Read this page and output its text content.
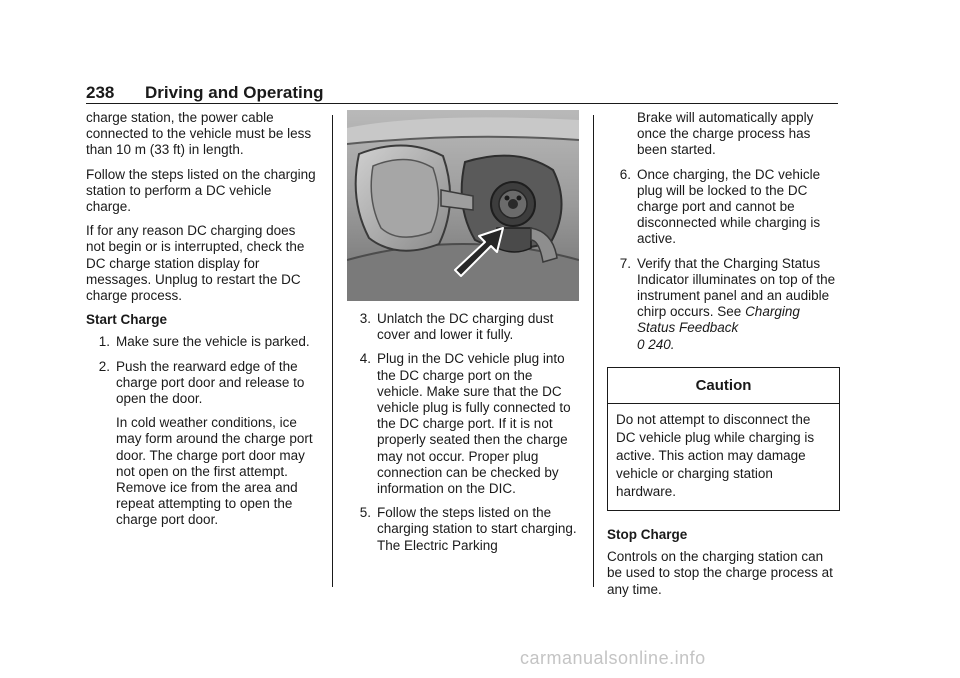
238 Driving and Operating

charge station, the power cable connected to the vehicle must be less than 10 m (33 ft) in length.

Follow the steps listed on the charging station to perform a DC vehicle charge.

If for any reason DC charging does not begin or is interrupted, check the DC charge station display for messages. Unplug to restart the DC charge process.

Start Charge
1. Make sure the vehicle is parked.
2. Push the rearward edge of the charge port door and release to open the door.

In cold weather conditions, ice may form around the charge port door. The charge port door may not open on the first attempt. Remove ice from the area and repeat attempting to open the charge port door.

3. Unlatch the DC charging dust cover and lower it fully.
4. Plug in the DC vehicle plug into the DC charge port on the vehicle. Make sure that the DC vehicle plug is fully connected to the DC charge port. If it is not properly seated then the charge may not occur. Proper plug connection can be checked by information on the DIC.
5. Follow the steps listed on the charging station to start charging. The Electric Parking

Brake will automatically apply once the charge process has been started.

6. Once charging, the DC vehicle plug will be locked to the DC charge port and cannot be disconnected while charging is active.
7. Verify that the Charging Status Indicator illuminates on top of the instrument panel and an audible chirp occurs. See Charging Status Feedback
0 240.
Caution
Do not attempt to disconnect the DC vehicle plug while charging is active. This action may damage vehicle or charging station hardware.
Stop Charge

Controls on the charging station can be used to stop the charge process at any time.

carmanualsonline.info
